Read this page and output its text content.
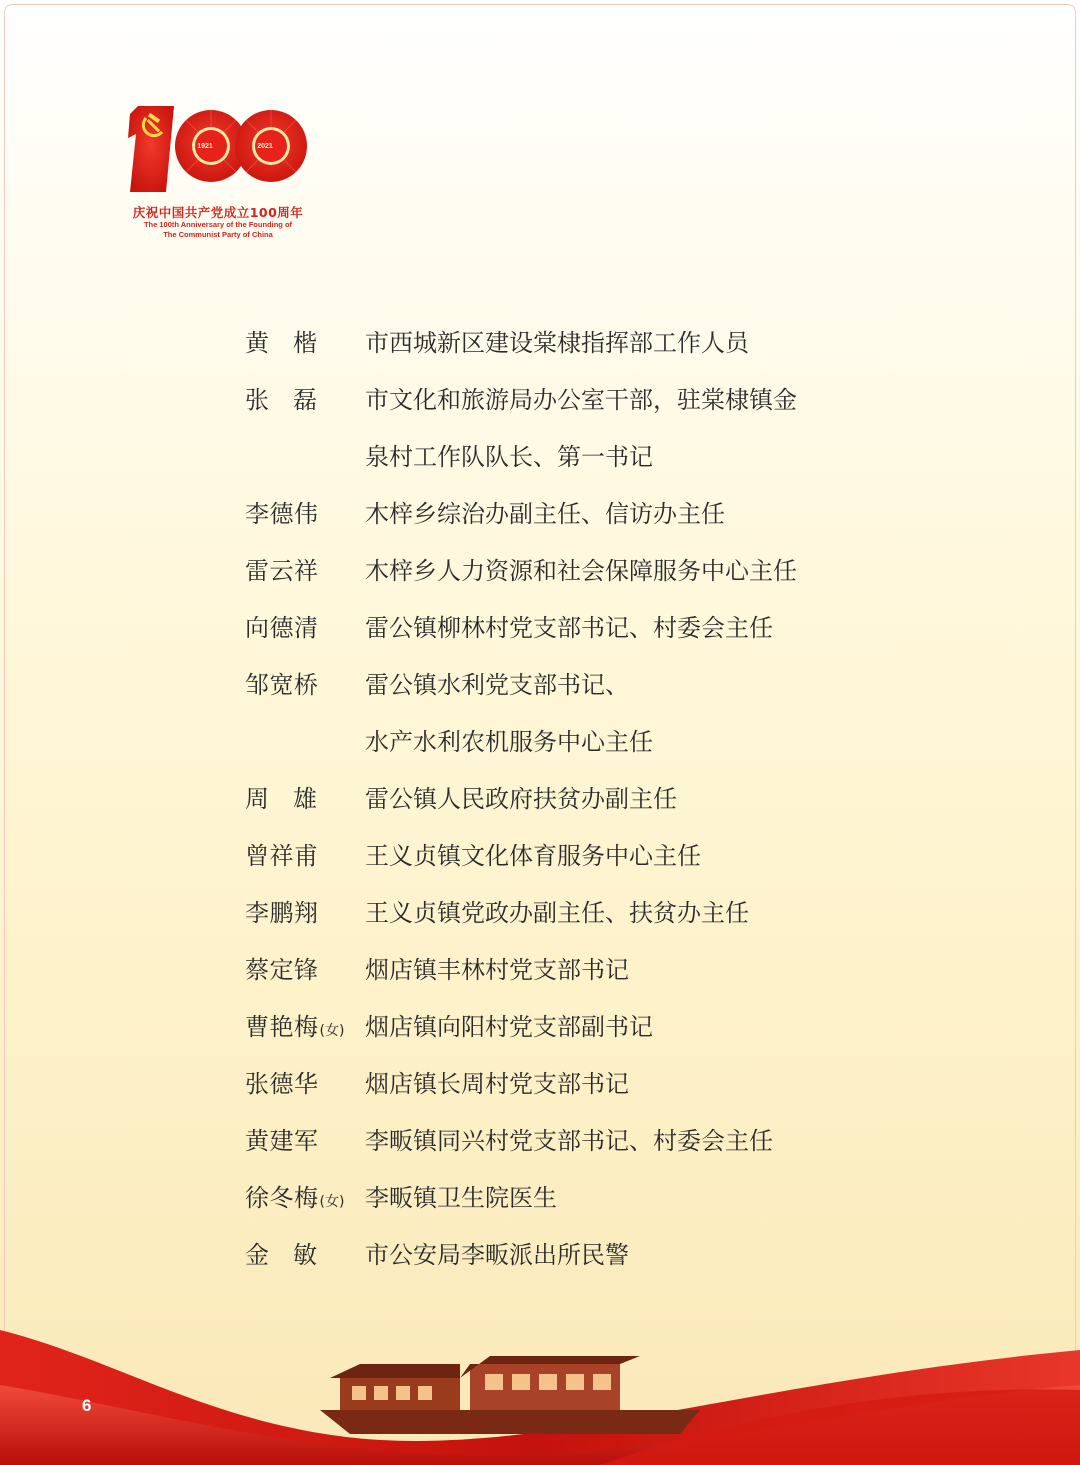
1921	2021
庆祝中国共产党成立100周年
The 100th Anniversary of the Founding of
The Communist Party of China
黄楷 市西城新区建设棠棣指挥部工作人员
张磊 市文化和旅游局办公室干部，驻棠棣镇金
泉村工作队队长、第一书记
李德伟 木梓乡综治办副主任、信访办主任
雷云祥 木梓乡人力资源和社会保障服务中心主任
向德清 雷公镇柳林村党支部书记、村委会主任
邹宽桥 雷公镇水利党支部书记、
水产水利农机服务中心主任
周雄 雷公镇人民政府扶贫办副主任
曾祥甫 王义贞镇文化体育服务中心主任
李鹏翔 王义贞镇党政办副主任、扶贫办主任
蔡定锋 烟店镇丰林村党支部书记
曹艳梅(女) 烟店镇向阳村党支部副书记
张德华 烟店镇长周村党支部书记
黄建军 李畈镇同兴村党支部书记、村委会主任
徐冬梅(女) 李畈镇卫生院医生
金敏 市公安局李畈派出所民警
6
